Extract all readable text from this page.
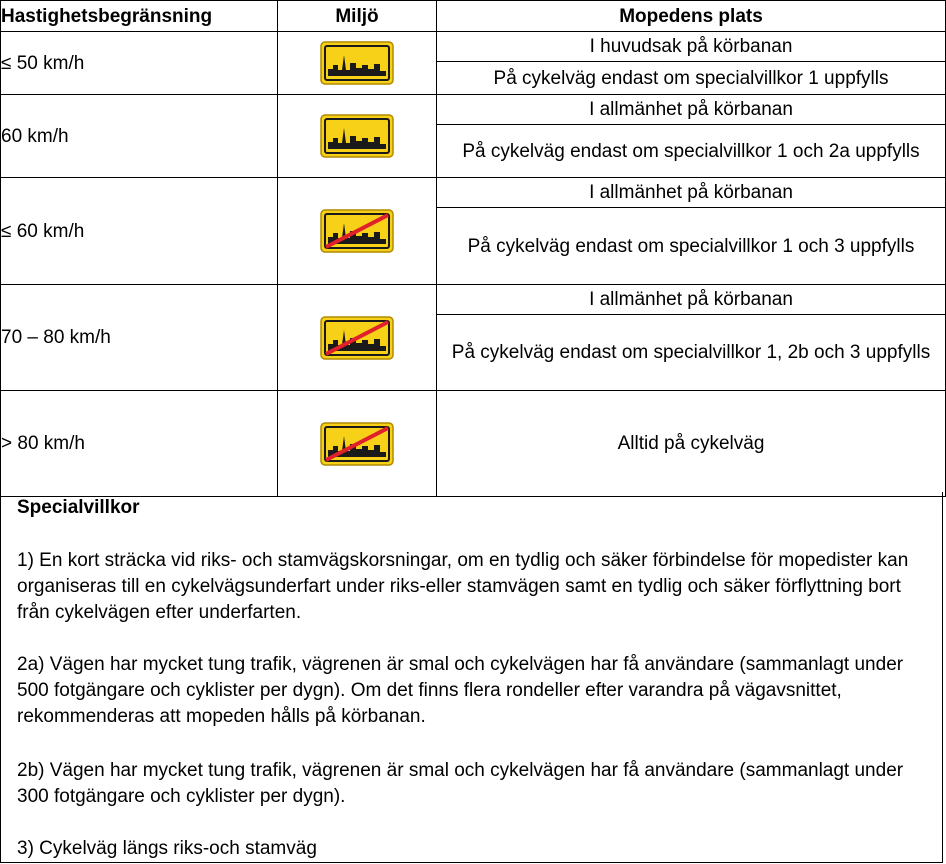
Hastighetsbegränsning	Miljö	Mopedens plats
≤ 50 km/h		I huvudsak på körbanan
		På cykelväg endast om specialvillkor 1 uppfylls
60 km/h		I allmänhet på körbanan
		På cykelväg endast om specialvillkor 1 och 2a uppfylls
≤ 60 km/h		I allmänhet på körbanan
		På cykelväg endast om specialvillkor 1 och 3 uppfylls
70 – 80 km/h		I allmänhet på körbanan
		På cykelväg endast om specialvillkor 1, 2b och 3 uppfylls
> 80 km/h		Alltid på cykelväg
Specialvillkor
1) En kort sträcka vid riks- och stamvägskorsningar, om en tydlig och säker förbindelse för mopedister kan organiseras till en cykelvägsunderfart under riks-eller stamvägen samt en tydlig och säker förflyttning bort från cykelvägen efter underfarten.
2a) Vägen har mycket tung trafik, vägrenen är smal och cykelvägen har få användare (sammanlagt under 500 fotgängare och cyklister per dygn). Om det finns flera rondeller efter varandra på vägavsnittet, rekommenderas att mopeden hålls på körbanan.
2b) Vägen har mycket tung trafik, vägrenen är smal och cykelvägen har få användare (sammanlagt under 300 fotgängare och cyklister per dygn).
3) Cykelväg längs riks-och stamväg
